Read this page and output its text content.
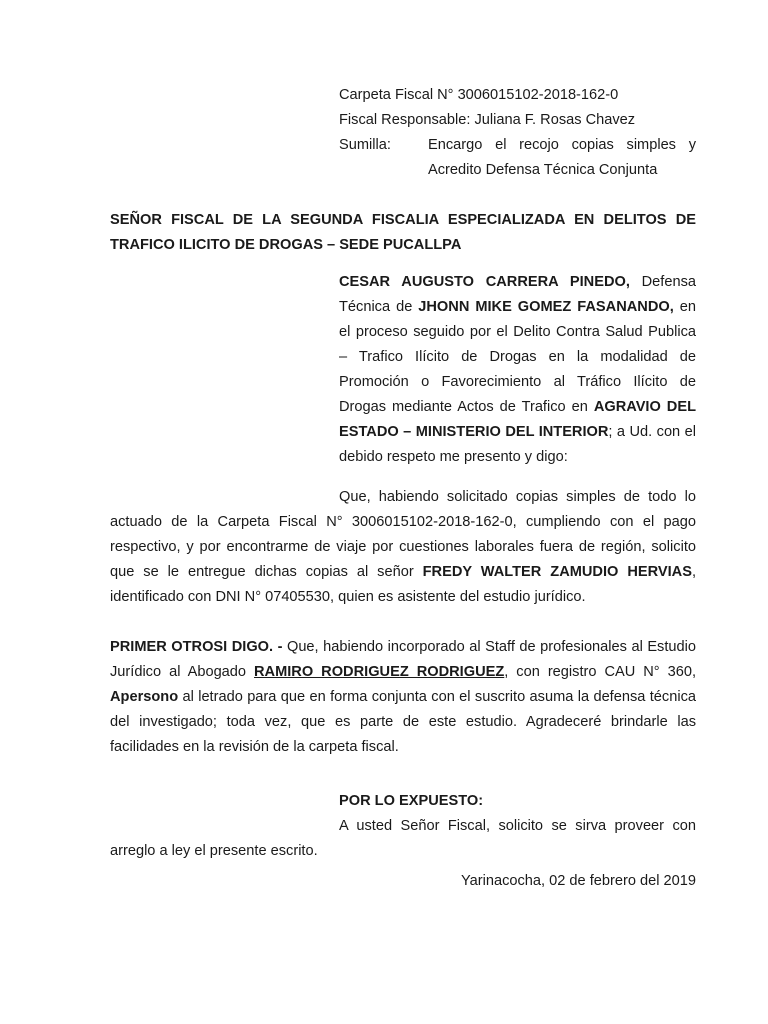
Carpeta Fiscal N° 3006015102-2018-162-0
Fiscal Responsable: Juliana F. Rosas Chavez
Sumilla:	Encargo el recojo copias simples y Acredito Defensa Técnica Conjunta
SEÑOR FISCAL DE LA SEGUNDA FISCALIA ESPECIALIZADA EN DELITOS DE TRAFICO ILICITO DE DROGAS – SEDE PUCALLPA
CESAR AUGUSTO CARRERA PINEDO, Defensa Técnica de JHONN MIKE GOMEZ FASANANDO, en el proceso seguido por el Delito Contra Salud Publica – Trafico Ilícito de Drogas en la modalidad de Promoción o Favorecimiento al Tráfico Ilícito de Drogas mediante Actos de Trafico en AGRAVIO DEL ESTADO – MINISTERIO DEL INTERIOR; a Ud. con el debido respeto me presento y digo:
Que, habiendo solicitado copias simples de todo lo actuado de la Carpeta Fiscal N° 3006015102-2018-162-0, cumpliendo con el pago respectivo, y por encontrarme de viaje por cuestiones laborales fuera de región, solicito que se le entregue dichas copias al señor FREDY WALTER ZAMUDIO HERVIAS, identificado con DNI N° 07405530, quien es asistente del estudio jurídico.
PRIMER OTROSI DIGO. - Que, habiendo incorporado al Staff de profesionales al Estudio Jurídico al Abogado RAMIRO RODRIGUEZ RODRIGUEZ, con registro CAU N° 360, Apersono al letrado para que en forma conjunta con el suscrito asuma la defensa técnica del investigado; toda vez, que es parte de este estudio. Agradeceré brindarle las facilidades en la revisión de la carpeta fiscal.
POR LO EXPUESTO:
A usted Señor Fiscal, solicito se sirva proveer con arreglo a ley el presente escrito.
Yarinacocha, 02 de febrero del 2019
